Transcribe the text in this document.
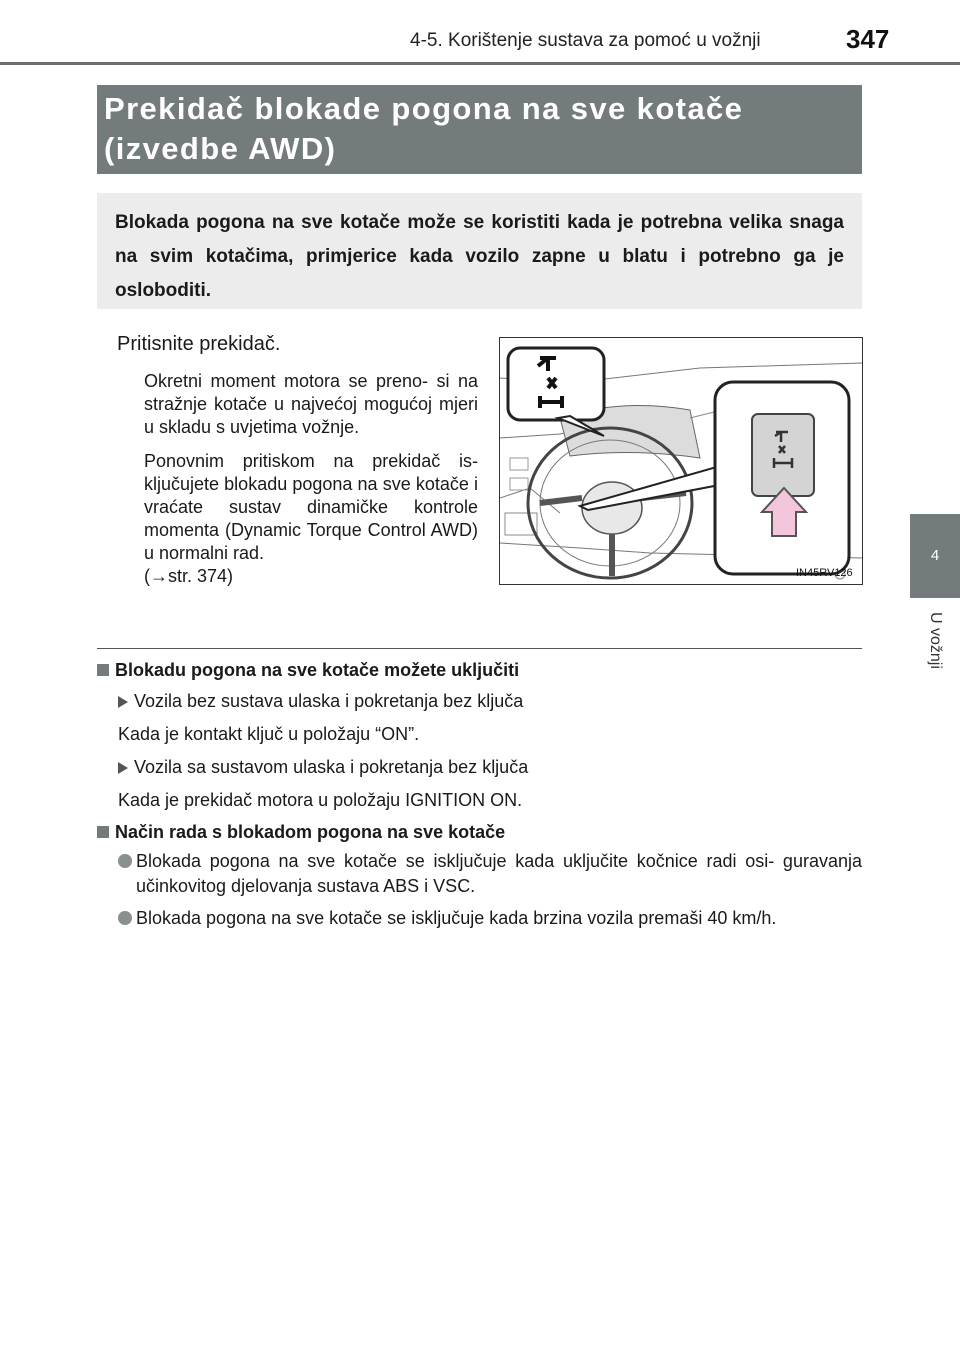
4-5. Korištenje sustava za pomoć u vožnji	347
4
U vožnji
Prekidač blokade pogona na sve kotače
(izvedbe AWD)

Blokada pogona na sve kotače može se koristiti kada je potrebna velika snaga na svim kotačima, primjerice kada vozilo zapne u blatu i potrebno ga je osloboditi.

Pritisnite prekidač.

Okretni moment motora se preno- si na stražnje kotače u najvećoj mogućoj mjeri u skladu s uvjetima vožnje.

Ponovnim pritiskom na prekidač is- ključujete blokadu pogona na sve kotače i vraćate sustav dinamičke kontrole momenta (Dynamic Torque Control AWD) u normalni rad.
(→str. 374)	IN45RV126
Blokadu pogona na sve kotače možete uključiti
Vozila bez sustava ulaska i pokretanja bez ključa
Kada je kontakt ključ u položaju “ON”.
Vozila sa sustavom ulaska i pokretanja bez ključa
Kada je prekidač motora u položaju IGNITION ON.
Način rada s blokadom pogona na sve kotače
Blokada pogona na sve kotače se isključuje kada uključite kočnice radi osi- guravanja učinkovitog djelovanja sustava ABS i VSC.
Blokada pogona na sve kotače se isključuje kada brzina vozila premaši 40 km/h.
